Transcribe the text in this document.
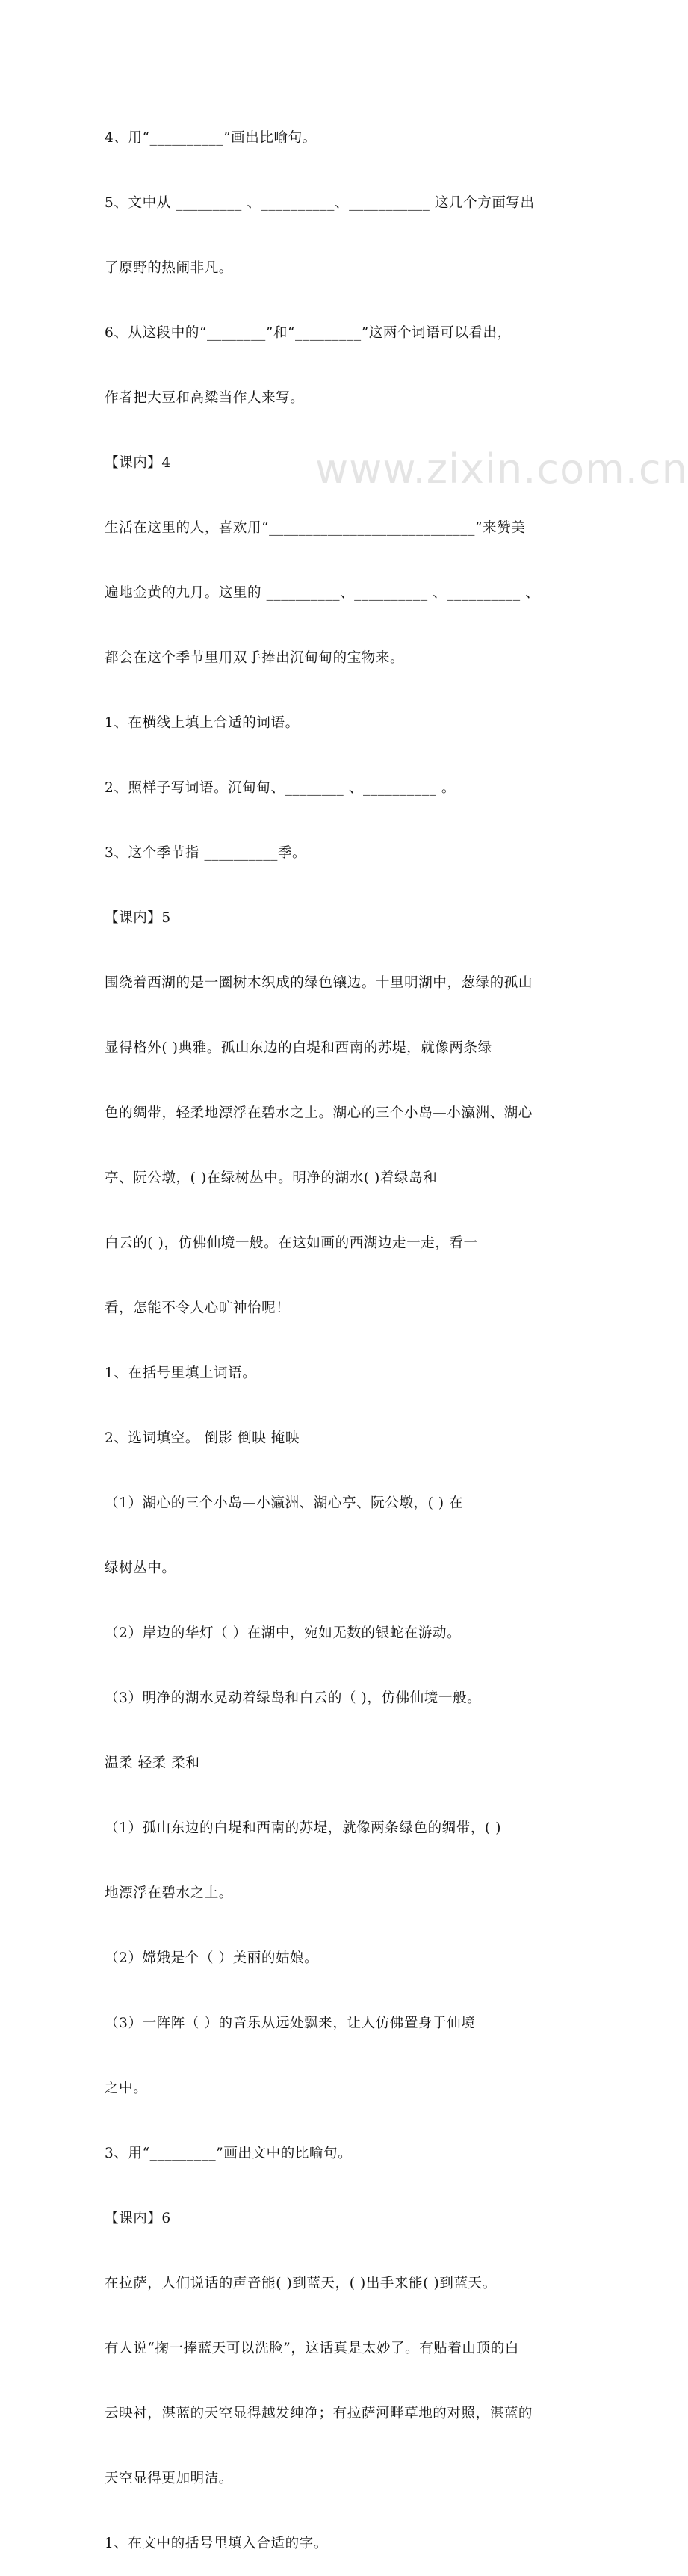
4、用“__________”画出比喻句。

5、文中从 _________ 、__________、___________ 这几个方面写出

了原野的热闹非凡。

6、从这段中的“________”和“_________”这两个词语可以看出，

作者把大豆和高粱当作人来写。

【课内】4

生活在这里的人，喜欢用“____________________________”来赞美

遍地金黄的九月。这里的 __________、__________ 、__________ 、

都会在这个季节里用双手捧出沉甸甸的宝物来。

1、在横线上填上合适的词语。

2、照样子写词语。沉甸甸、________ 、__________ 。

3、这个季节指 __________季。

【课内】5

围绕着西湖的是一圈树木织成的绿色镶边。十里明湖中，葱绿的孤山

显得格外( )典雅。孤山东边的白堤和西南的苏堤，就像两条绿

色的绸带，轻柔地漂浮在碧水之上。湖心的三个小岛—小瀛洲、湖心

亭、阮公墩，( )在绿树丛中。明净的湖水( )着绿岛和

白云的( )，仿佛仙境一般。在这如画的西湖边走一走，看一

看，怎能不令人心旷神怡呢！

1、在括号里填上词语。

2、选词填空。 倒影 倒映 掩映

（1）湖心的三个小岛—小瀛洲、湖心亭、阮公墩，( ) 在

绿树丛中。

（2）岸边的华灯（ ）在湖中，宛如无数的银蛇在游动。

（3）明净的湖水晃动着绿岛和白云的（ )，仿佛仙境一般。

温柔 轻柔 柔和

（1）孤山东边的白堤和西南的苏堤，就像两条绿色的绸带，( )

地漂浮在碧水之上。

（2）嫦娥是个（ ）美丽的姑娘。

（3）一阵阵（ ）的音乐从远处飘来，让人仿佛置身于仙境

之中。

3、用“_________”画出文中的比喻句。

【课内】6

在拉萨，人们说话的声音能( )到蓝天，( )出手来能( )到蓝天。

有人说“掬一捧蓝天可以洗脸”，这话真是太妙了。有贴着山顶的白

云映衬，湛蓝的天空显得越发纯净；有拉萨河畔草地的对照，湛蓝的

天空显得更加明洁。

1、在文中的括号里填入合适的字。

www.zixin.com.cn
